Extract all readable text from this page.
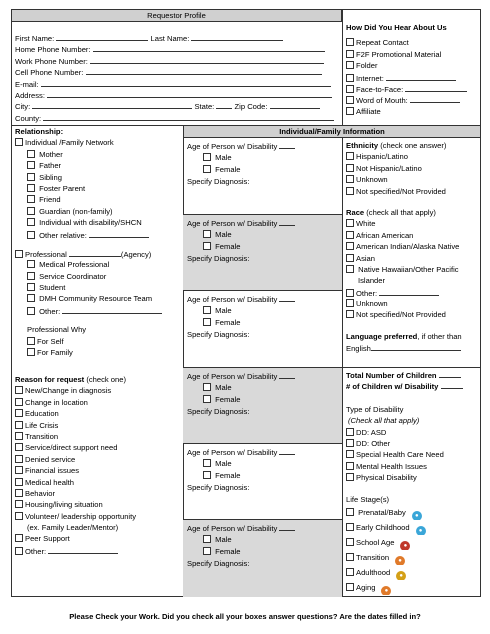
Requestor Profile
First Name:	Last Name:
Home Phone Number:
Work Phone Number:
Cell Phone Number:
E-mail:
Address:
City:	State:	Zip Code:
County:
How Did You Hear About Us
Repeat Contact
F2F Promotional Material
Folder
Internet:
Face-to-Face:
Word of Mouth:
Affiliate
Individual/Family Information
Relationship:
Individual /Family Network
Mother
Father
Sibling
Foster Parent
Friend
Guardian (non-family)
Individual with disability/SHCN
Other relative:
Professional	(Agency)
Medical Professional
Service Coordinator
Student
DMH Community Resource Team
Other:
Professional Why
For Self
For Family
Reason for request (check one)
New/Change in diagnosis
Change in location
Education
Life Crisis
Transition
Service/direct support need
Denied service
Financial issues
Medical health
Behavior
Housing/living situation
Volunteer/ leadership opportunity
(ex. Family Leader/Mentor)
Peer Support
Other:
Age of Person w/ Disability
Male
Female
Specify Diagnosis:
Age of Person w/ Disability
Male
Female
Specify Diagnosis:
Age of Person w/ Disability
Male
Female
Specify Diagnosis:
Age of Person w/ Disability
Male
Female
Specify Diagnosis:
Age of Person w/ Disability
Male
Female
Specify Diagnosis:
Age of Person w/ Disability
Male
Female
Specify Diagnosis:
Ethnicity (check one answer)
Hispanic/Latino
Not Hispanic/Latino
Unknown
Not specified/Not Provided
Race (check all that apply)
White
African American
American Indian/Alaska Native
Asian
Native Hawaiian/Other Pacific
Islander
Other:
Unknown
Not specified/Not Provided
Language preferred, if other than
English
Total Number of Children
# of Children w/ Disability
Type of Disability
(Check all that apply)
DD: ASD
DD: Other
Special Health Care Need
Mental Health Issues
Physical Disability
Life Stage(s)
Prenatal/Baby ●
Early Childhood ●
School Age ●
Transition ●
Adulthood ●
Aging ●
Please Check your Work. Did you check all your boxes answer questions? Are the dates filled in?
